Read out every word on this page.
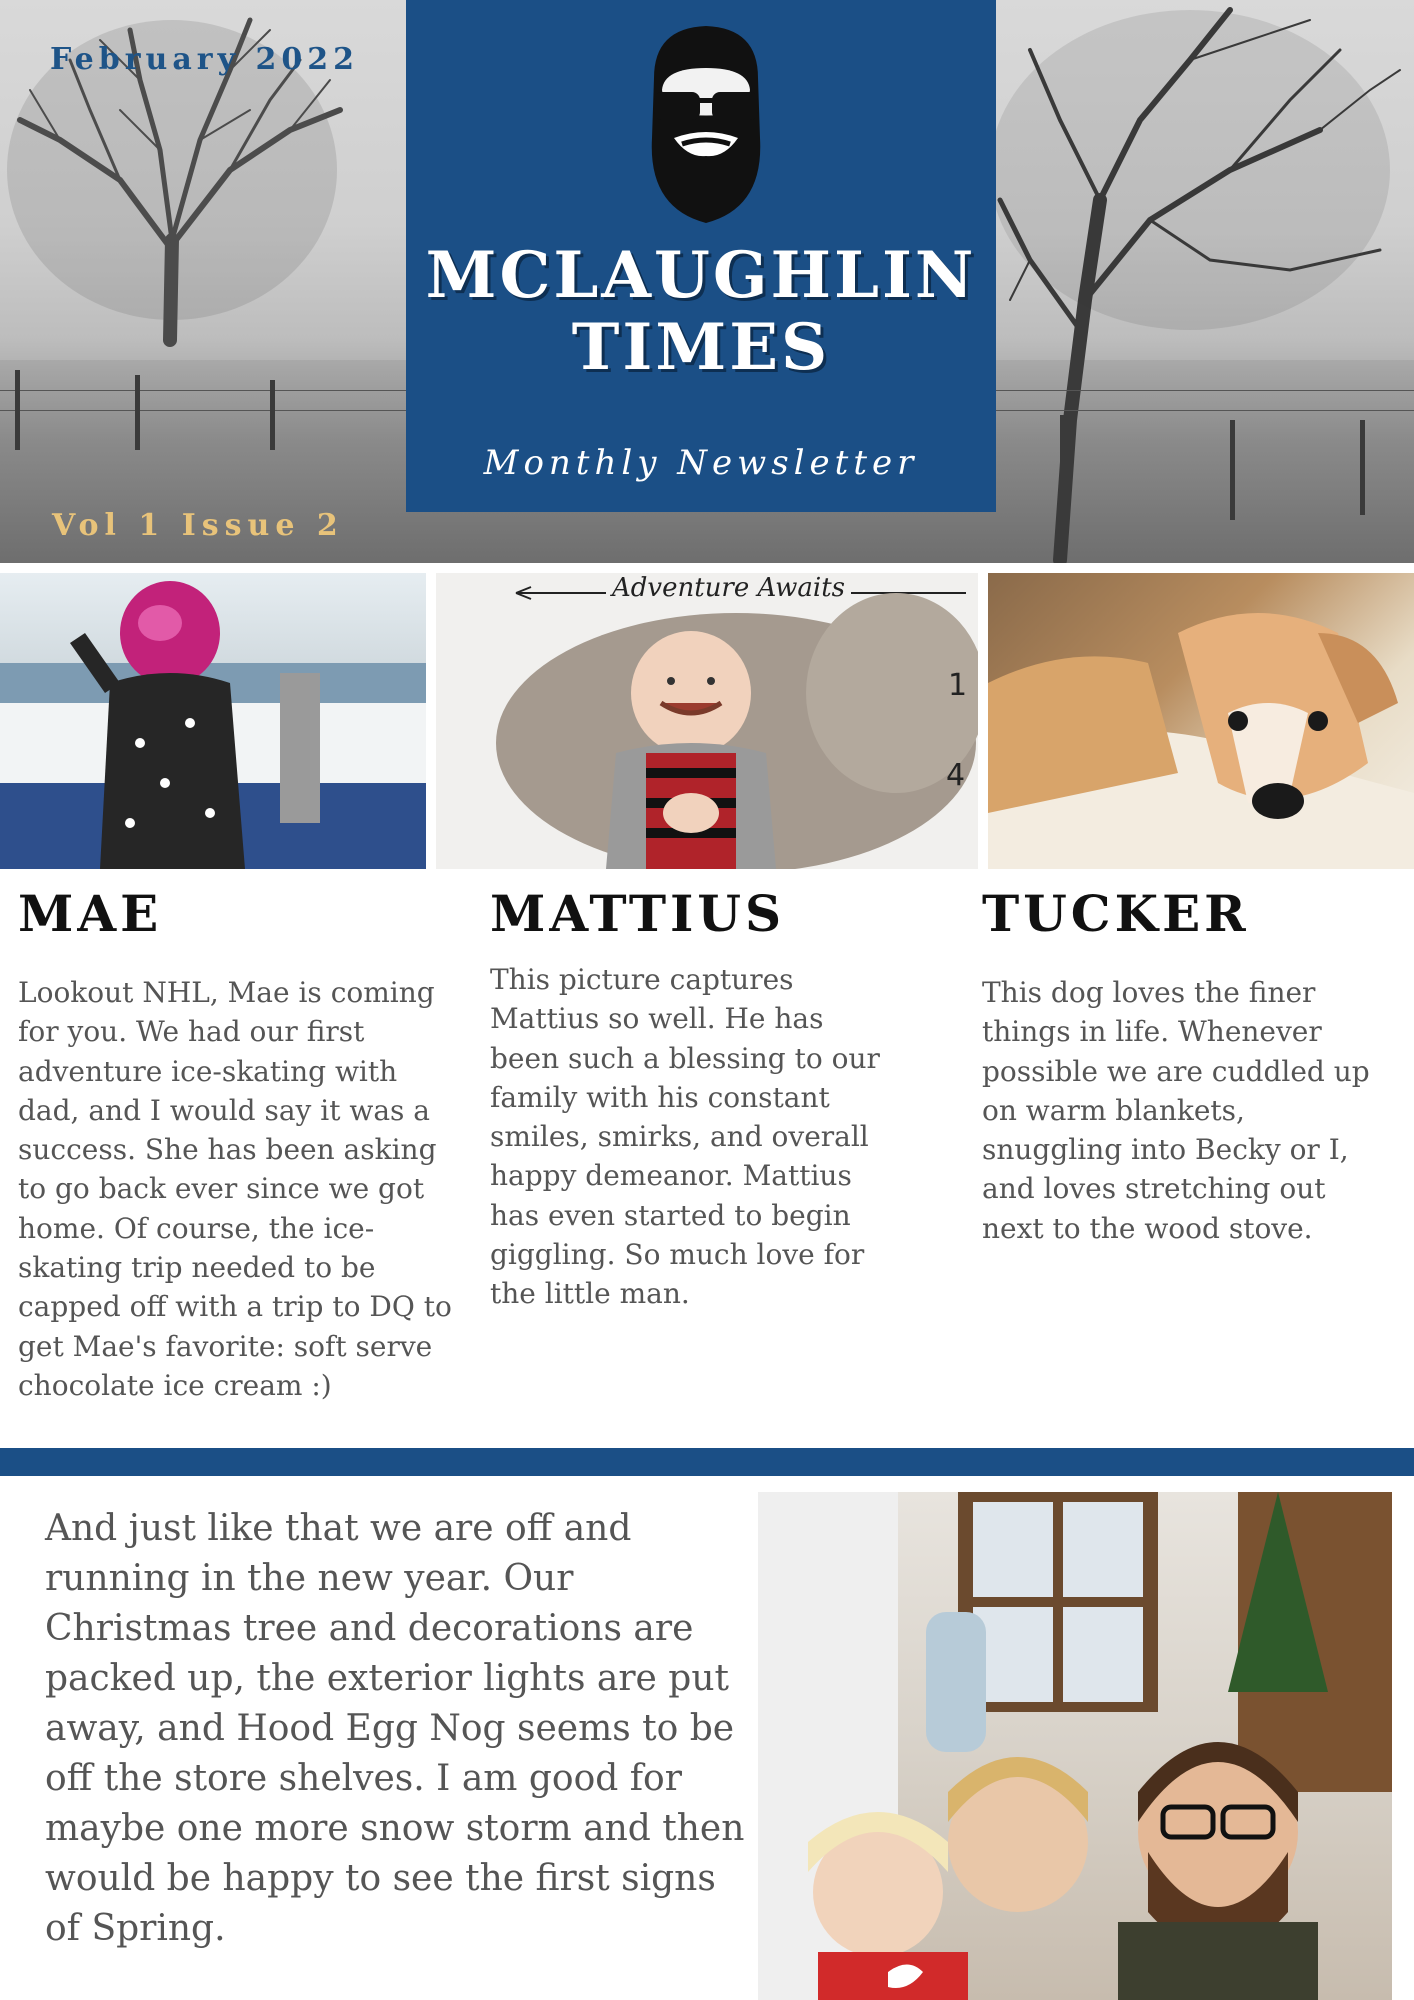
February 2022
Vol 1 Issue 2
MCLAUGHLIN
TIMES
Monthly Newsletter
Adventure Awaits
1
4
MAE	MATTIUS	TUCKER
Lookout NHL, Mae is coming for you. We had our first adventure ice-skating with dad, and I would say it was a success. She has been asking to go back ever since we got home. Of course, the ice-skating trip needed to be capped off with a trip to DQ to get Mae's favorite: soft serve chocolate ice cream :)
This picture captures Mattius so well. He has been such a blessing to our family with his constant smiles, smirks, and overall happy demeanor. Mattius has even started to begin giggling. So much love for the little man.
This dog loves the finer things in life. Whenever possible we are cuddled up on warm blankets, snuggling into Becky or I, and loves stretching out next to the wood stove.
And just like that we are off and running in the new year. Our Christmas tree and decorations are packed up, the exterior lights are put away, and Hood Egg Nog seems to be off the store shelves. I am good for maybe one more snow storm and then would be happy to see the first signs of Spring.
